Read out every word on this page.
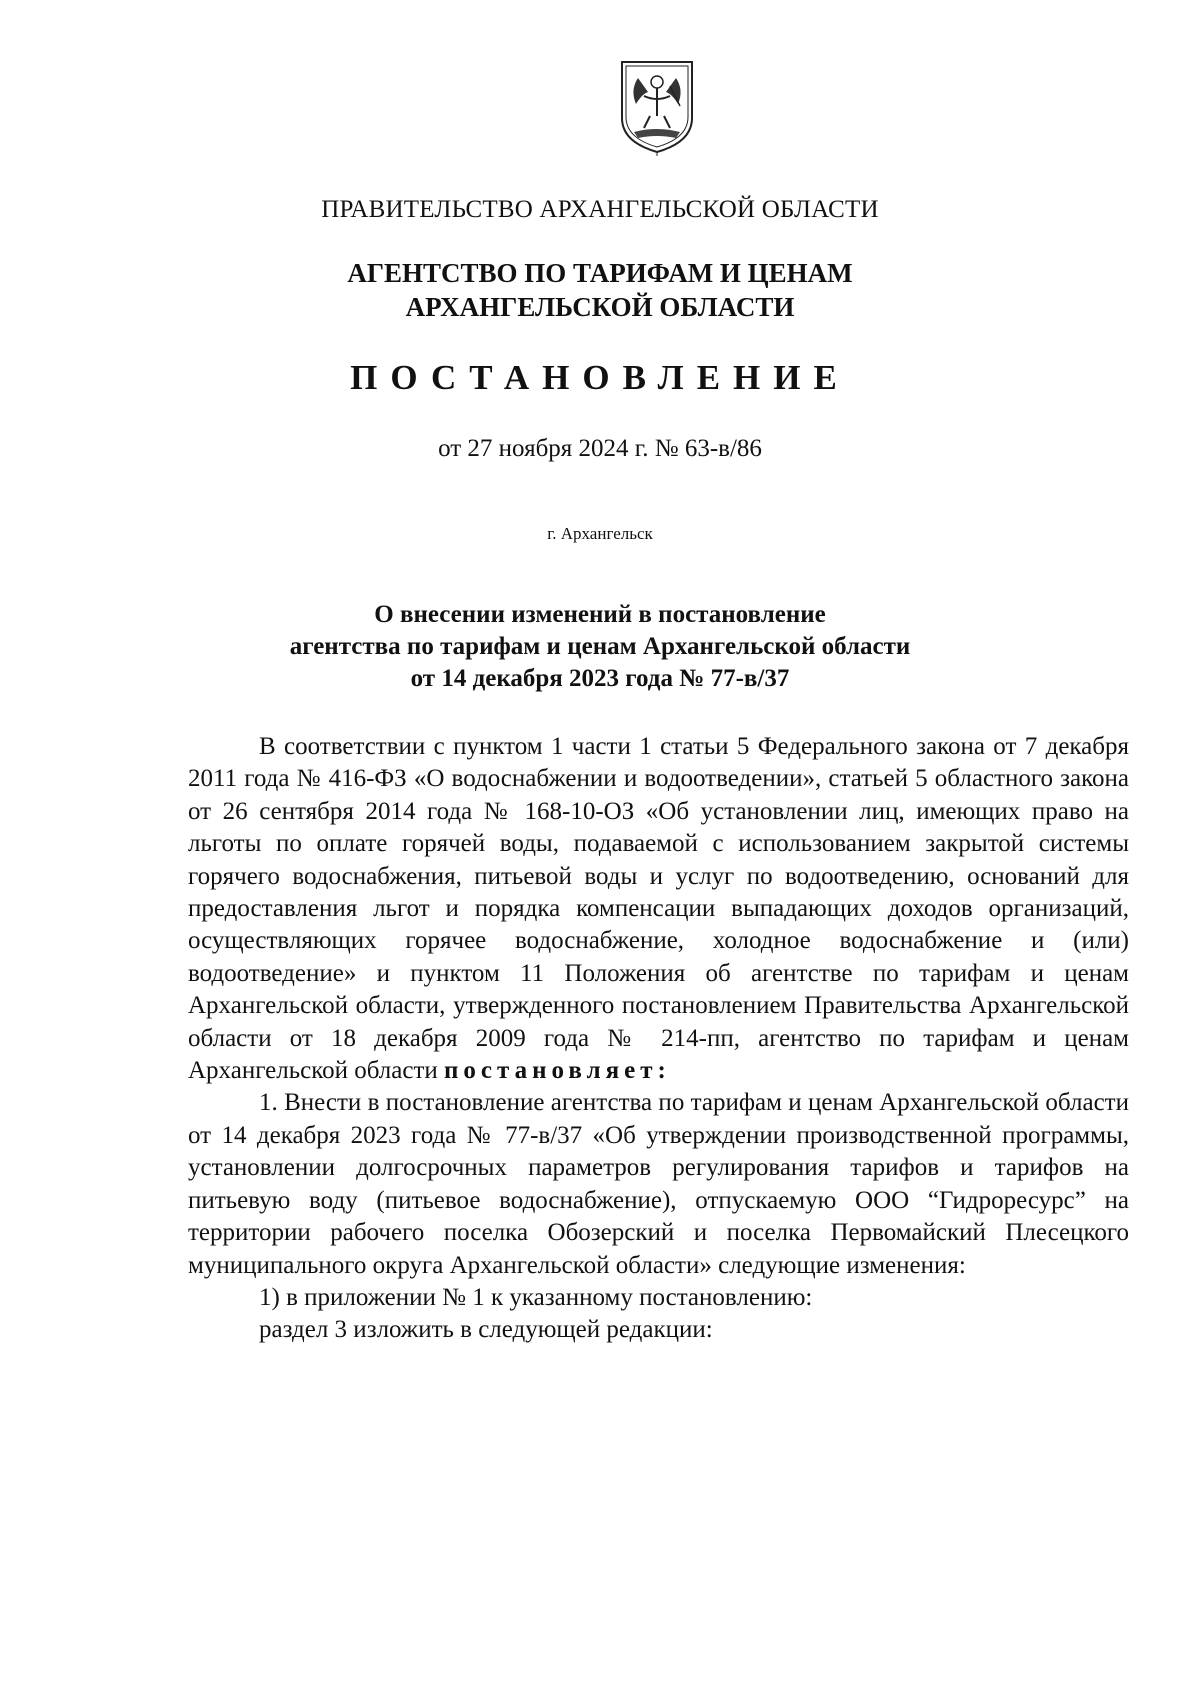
ПРАВИТЕЛЬСТВО АРХАНГЕЛЬСКОЙ ОБЛАСТИ
АГЕНТСТВО ПО ТАРИФАМ И ЦЕНАМ
АРХАНГЕЛЬСКОЙ ОБЛАСТИ
ПОСТАНОВЛЕНИЕ
от 27 ноября 2024 г. № 63-в/86
г. Архангельск
О внесении изменений в постановление
агентства по тарифам и ценам Архангельской области
от 14 декабря 2023 года № 77-в/37

В соответствии с пунктом 1 части 1 статьи 5 Федерального закона от 7 декабря 2011 года № 416-ФЗ «О водоснабжении и водоотведении», статьей 5 областного закона от 26 сентября 2014 года № 168-10-ОЗ «Об установлении лиц, имеющих право на льготы по оплате горячей воды, подаваемой с использованием закрытой системы горячего водоснабжения, питьевой воды и услуг по водоотведению, оснований для предоставления льгот и порядка компенсации выпадающих доходов организаций, осуществляющих горячее водоснабжение, холодное водоснабжение и (или) водоотведение» и пунктом 11 Положения об агентстве по тарифам и ценам Архангельской области, утвержденного постановлением Правительства Архангельской области от 18 декабря 2009 года № 214-пп, агентство по тарифам и ценам Архангельской области постановляет:

1. Внести в постановление агентства по тарифам и ценам Архангельской области от 14 декабря 2023 года № 77-в/37 «Об утверждении производственной программы, установлении долгосрочных параметров регулирования тарифов и тарифов на питьевую воду (питьевое водоснабжение), отпускаемую ООО “Гидроресурс” на территории рабочего поселка Обозерский и поселка Первомайский Плесецкого муниципального округа Архангельской области» следующие изменения:

1) в приложении № 1 к указанному постановлению:

раздел 3 изложить в следующей редакции:
